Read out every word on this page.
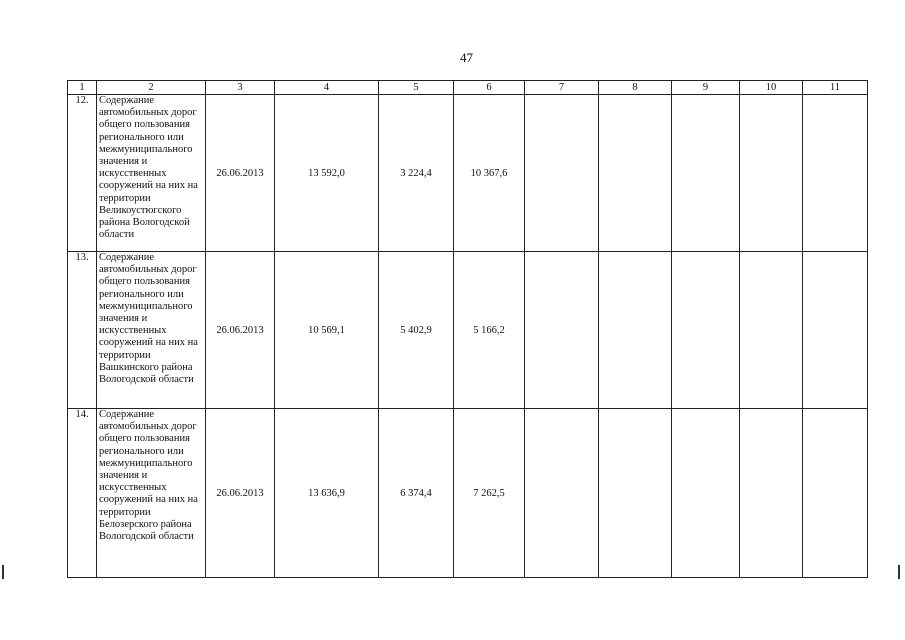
47
1	2	3	4	5	6	7	8	9	10	11
12.	Содержание автомобильных дорог общего пользования регионального или межмуниципального значения и искусственных сооружений на них на территории Великоустюгского района Вологодской области	26.06.2013	13 592,0	3 224,4	10 367,6					
13.	Содержание автомобильных дорог общего пользования регионального или межмуниципального значения и искусственных сооружений на них на территории Вашкинского района Вологодской области	26.06.2013	10 569,1	5 402,9	5 166,2					
14.	Содержание автомобильных дорог общего пользования регионального или межмуниципального значения и искусственных сооружений на них на территории Белозерского района Вологодской области	26.06.2013	13 636,9	6 374,4	7 262,5					
